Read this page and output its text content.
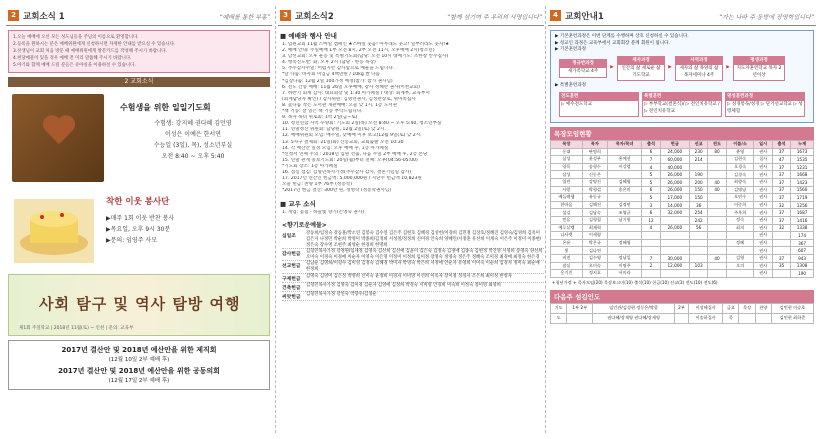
2 교회소식 1	“예배를 통한 부흥”
1.오늘 예배에 오신 모든 성도님들을 주님의 이름으로 환영합니다.
2.등록을 원하시는 분은 예배위원에게 신청하시면 자세한 안내를 받으실 수 있습니다.
3.선생님이 교회 처음 방문 때 예배위원에게 방문카드를 작성해 주시기 바랍니다.
4.헌당예물이 있을 경우 예배 전 미리 말씀해 주시기 바랍니다.
5.아기와 함께 예배 드릴 분들은 유아실을 이용하실 수 있습니다.
2 교회소식
수험생을 위한 일일기도회
수험생: 강지혜 권다혜 김민영
이성은 이예은 한서연
수능일 (3일), 목), 성소년부실
오전 8:40 ~ 오후 5:40
착한 이웃 봉사단
▶매주 1회 이웃 반찬 봉사
▶목요일, 오후 9시 30분
▶문의: 임영주 사모
사회 탐구 및 역사 탐방 여행
제1회 주일학교 | 2018년 11월(토) ~ 인천 | 문의: 교육부
2017년 결산안 및 2018년 예산안을 위한 제직회
(12월 10일 2부 예배 후)
2017년 결산안 및 2018년 예산안을 위한 공동의회
(12월 17일 2부 예배 후)
3 교회소식2	“함께 섬기며 주 우리의 사명입니다”
■ 예배와 행사 안내
1. 임원교회 11월 스마일 캠페인 ★스마일 웃음! 아무래도 웃고! 일부러라도 웃자!★
2. 예배 안내: 주일예배 1부 오전 8시, 2부 오전 11시, 오후예배 2시(청소년)
3. 남선교회: 오후 운동 및 특별기도회(담당: 오전 10시 대예기도: 조한창 안수집사)
4. 행복진도반: 화, 오후 2시 (담당 - 한동 목장)
5. 추수감사주일: 어렵지만 감사함으로 예물을 드립니다.
*날 나눔: 바자회 미입금 4백만원 / 10kg 쌀 나눔
*김장나눔: 12월 2일 100가정 예정(참가: 참가 권사님)
6. 전도 간증 예배: 11월 26일 오후예배, 강사 정혜란 권사(이천교회)
7. 하반기 회계 감사: 대표회장 및 1:30 아가페실 / 대상: 회계부, 교육부서
(회계담당자 확인) / 감사위원: 김명민권사, 김성관장로, 위미옥집사
8. 꽃나눔 작은 도서관 개관예배: 오늘 낮 1시, 1층 도서관
*책 기증: 잘 읽은 책 기증 부탁드립니다.
9. 목자 목녀 위로회: 1박 2일(금~토)
10. 청년연합 사역 수양회: 기도회 2일(목) 오전 8:40 ~ 오후 5:40, 청소년부실
11. 연말정산 위원회: 담당원, 12월 2일(토) 낮 2시.
12. 예배위원회 모임: 매주일, 낮예배 이후 보고(12월 9일(토) 낮 2시.
13. 5자구 결제회: 21일(화) 산동교회, 교회출발 오전 10:30
14. 각 예산안 일정 모임: 오후 예배 후, 1층 아가페실
*신청서 연체 주의 : 2018년 임원 선출, 다음 주일 2부 예배 후, 2층 본당
15. 연말 관계 중보기도회: 20일(월)부터 전체: 오후(04:56-05:00)
*기도회 장소: 1층 아가페실
16. 점심 섬김: 김형민목사가정(추수감사 감사, 결혼기념일 감사)
17. 2017년 연간인 헌금액: 5,000,000원 / 지난주 헌금액 10,823원
오늘 헌금: 찬양 1부 76부 (정봉학)
*2017년 현금 결산: 300만 원, 정병학 (정봉학권사님)
■ 교우 소식
1. 개업: 꽃집 - 하늘빛 향기(손영숙 권사)
<향기로운예물>
십일조
강동희/임정숙 강동훈/박소연 김봉숙 김수연 김은주 김현호 김혜경 김성헌/이경희 김민정 김상호/정혜진 김영숙/김영희 김옥미 김은자 나정민 박순희 박영미 박종희/김정희 서성철/정정희 신미경 안숙희 양혜린/서정훈 유선희 이계숙 이은주 이정미 이종현/정은숙 장수영 조현주 최영순 한경희 한명희
감사헌금
김형민목사가정 강경원/임채정 김명숙 김선희 김선애 김윤미 김은숙 김정숙 김정애 김종숙 김현정 박진영 서영희 송명숙 양선희 오미숙 이경숙 이경애 이순자 이영숙 이은영 이정미 이정희 임미정 장영숙 정영숙 정은주 정혜숙 조미경 최경애 최정숙 한은경
선교헌금
김남순 김명희/이형수 김미영 김정숙 김혜경 박미자 박영숙 박은희 서정애 안순자 유영희 이미숙 이순희 임경자 정미숙 최순애 한정희
구제헌금
김명숙 김영미 김은정 박영희 신미숙 윤정희 이경자 이미영 이선희 이옥자 장미정 정경자 조은희 최미정 한영자
건축헌금
김형민목사가정 김명숙 김미경 김순자 김영애 김정희 박경숙 서미영 안경희 이숙희 이정숙 정미영 최영희
씨앗헌금
김형민목사가정 강연숙 박향수/김정순
4 교회안내1	“가는 나라 주 동방에 장영학입니다”
▶ 기본훈련과정은 이번 단계를 수행하며 상호 신청하실 수 있습니다.
▶ 청교인 과정은 교육부에서 교회회장 분께 회원이 됩니다.
▶ 기본훈련과정
정규반과정
새가족학교 4주
▶
제자과정
인간의 삶 세로운 삶 기도학교
▶
사역과정
제자의 삶 목양의 삶 목자세미나 4주
▶
평생과정
지도자훈련학교 목자 2년이상
▶ 특별훈련과정
전도훈련
▷ 예수전도학교
특별훈련
▷ 부부학교(결혼식)/ ▷ 전인치유학교 / ▷ 전인치유학교
영성훈련과정
▷ 성경통독/성경 ▷ 단기선교학교 ▷ 성령체험
목장모임현황
목장	목자	목자/목녀	출석	헌금	선교	전도	이름/소	일시	출석	누계
동대	판명희		6	24,000	230	80	윤영	권사	37	1673
삼성	윤성부	홍예선	7	60,000	214		김현숙	집사	47	1535
양목	송형수	이강렬	4	40,000			오경숙	권사	37	1231
삼성	신동은		5	26,000	190		김경숙	권사	37	1668
열린	강명진	김혜영	5	26,000	200	40	최향숙	권사	37	1423
사랑	박형섭	송은미	6	26,000	150	40	김명남	권사	37	1560
베들레헴	유동규		5	17,000	150		오연수	권사	37	1719
한마음	김해진	김정연	3	14,000	36		이중희	권사	32	1256
섬김	김남숙	조영균	6	32,000	254		주옥희	권사	37	1687
믿음	김형철	남기원	12		242		정숙	권사	37	1416
예루살렘	최재혁		4	26,000	56		최희	권사	32	1338
나사렛	이세령							권사		174
온유	박은규	정혜영					정혜	권사		367
빛	김나연							권사		607
비전	김수영	정남일	7	30,000		40	김영	권사	37	943
잠실	오미숙	이명주	2	12,000	103		오의	권사	35	1308
옹기진	정지호	서미라						권사		190
+청년가정 + 목자모임(20) 목장보고미(10) 출석(10) 헌금(10) 선교(3) 전도(10) 전도(6)
다음주 섬김인도
기도	1부 2부	임인관/김성현 정동은/박종	2부	이성혜집사	금요	목장	찬양	김민현 이승호
도		권다혜/장재영 권다혜/장재영		이송하집사	목			김민현 최하준
